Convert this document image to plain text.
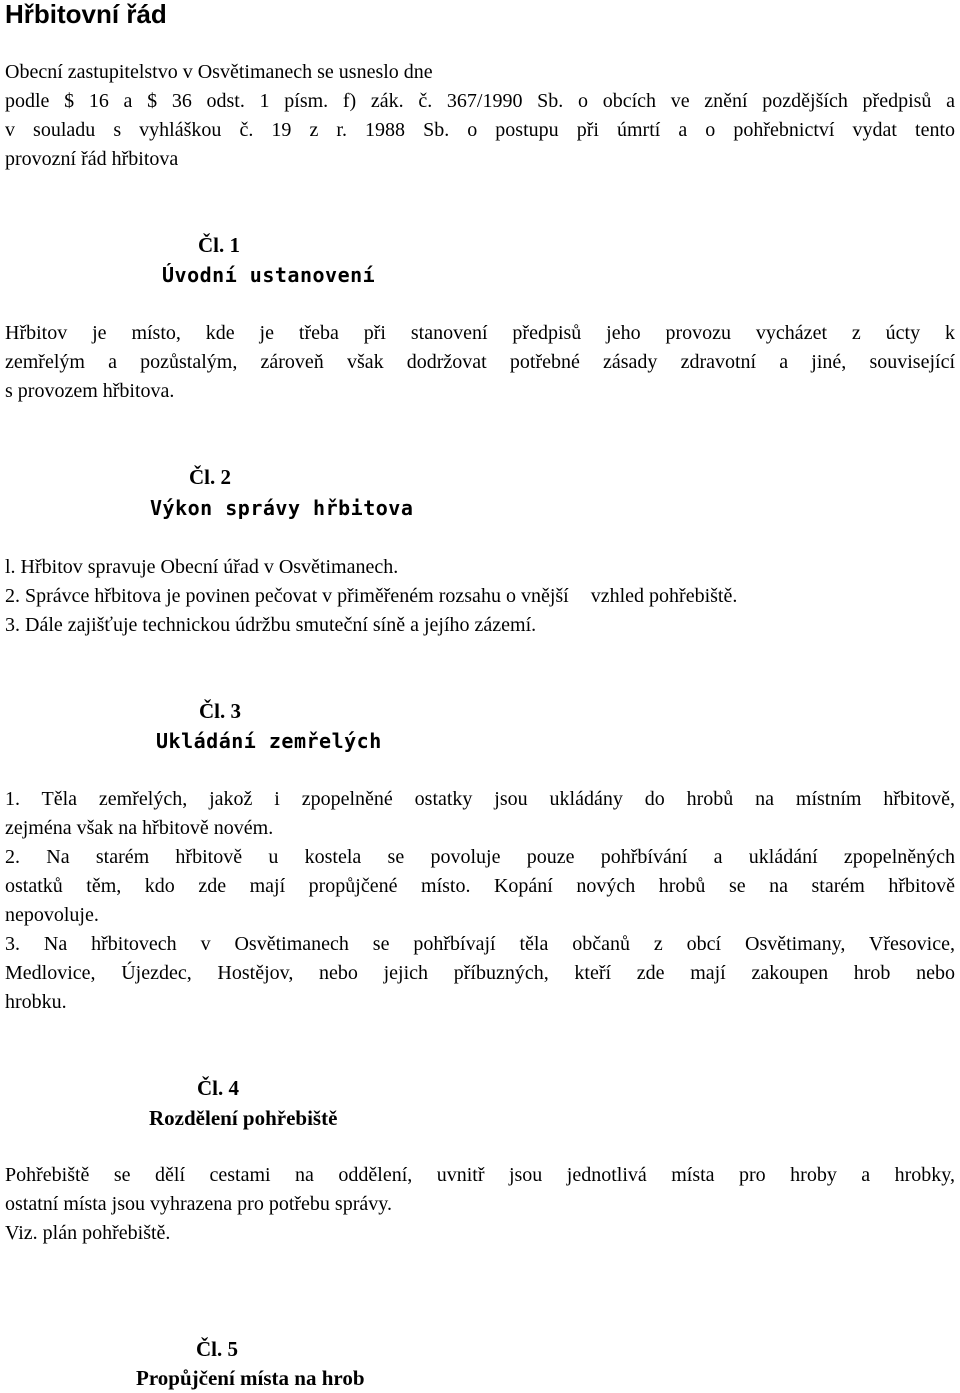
Hřbitovní řád
Obecní zastupitelstvo v Osvětimanech se usneslo dne
podle $ 16 a $ 36 odst. 1 písm. f) zák. č. 367/1990 Sb. o obcích ve znění pozdějších předpisů a
v souladu s vyhláškou č. 19 z r. 1988 Sb. o postupu při úmrtí a o pohřebnictví vydat tento
provozní řád hřbitova
Čl. 1
Úvodní ustanovení
Hřbitov je místo, kde je třeba při stanovení předpisů jeho provozu vycházet z úcty k
zemřelým a pozůstalým, zároveň však dodržovat potřebné zásady zdravotní a jiné, související
s provozem hřbitova.
Čl. 2
Výkon správy hřbitova
l. Hřbitov spravuje Obecní úřad v Osvětimanech.
2. Správce hřbitova je povinen pečovat v přiměřeném rozsahu o vnější vzhled pohřebiště.
3. Dále zajišťuje technickou údržbu smuteční síně a jejího zázemí.
Čl. 3
Ukládání zemřelých
1. Těla zemřelých, jakož i zpopelněné ostatky jsou ukládány do hrobů na místním hřbitově,
zejména však na hřbitově novém.
2. Na starém hřbitově u kostela se povoluje pouze pohřbívání a ukládání zpopelněných
ostatků těm, kdo zde mají propůjčené místo. Kopání nových hrobů se na starém hřbitově
nepovoluje.
3. Na hřbitovech v Osvětimanech se pohřbívají těla občanů z obcí Osvětimany, Vřesovice,
Medlovice, Újezdec, Hostějov, nebo jejich příbuzných, kteří zde mají zakoupen hrob nebo
hrobku.
Čl. 4
Rozdělení pohřebiště
Pohřebiště se dělí cestami na oddělení, uvnitř jsou jednotlivá místa pro hroby a hrobky,
ostatní místa jsou vyhrazena pro potřebu správy.
Viz. plán pohřebiště.
Čl. 5
Propůjčení místa na hrob
